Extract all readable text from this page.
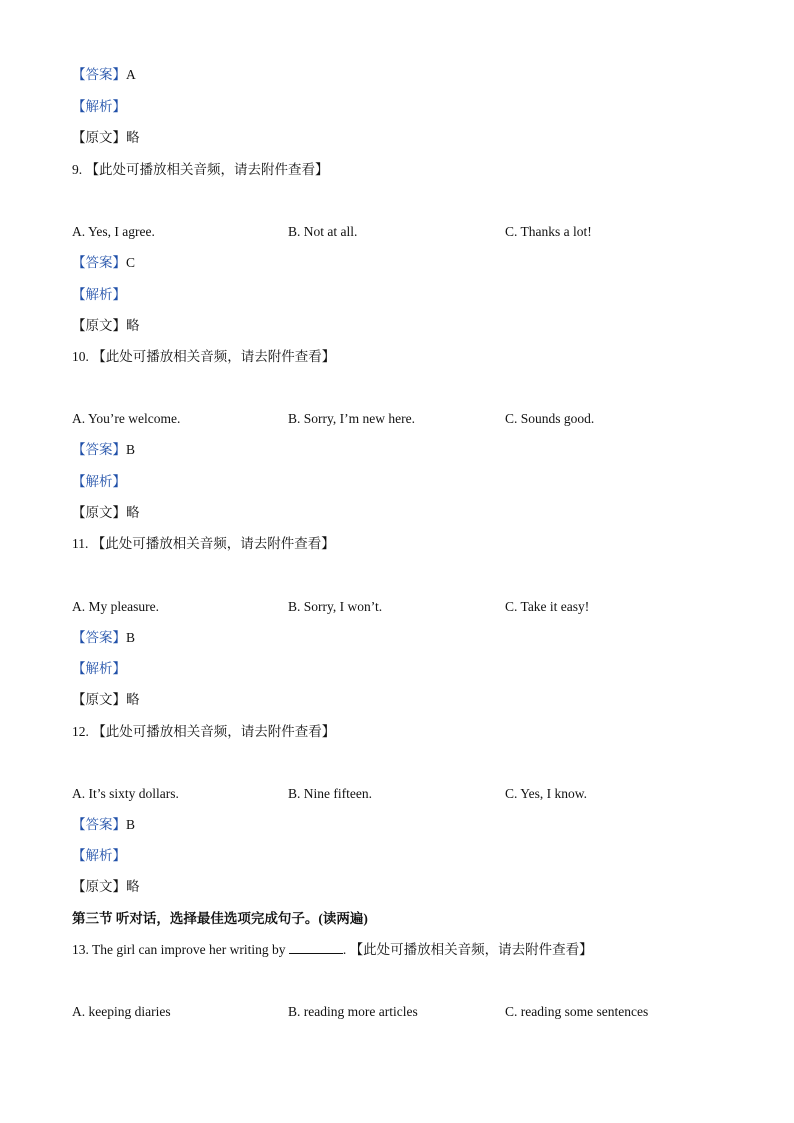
【答案】A
【解析】
【原文】略
9. 【此处可播放相关音频，请去附件查看】
A. Yes, I agree.	B. Not at all.	C. Thanks a lot!
【答案】C
【解析】
【原文】略
10. 【此处可播放相关音频，请去附件查看】
A. You’re welcome.	B. Sorry, I’m new here.	C. Sounds good.
【答案】B
【解析】
【原文】略
11. 【此处可播放相关音频，请去附件查看】
A. My pleasure.	B. Sorry, I won’t.	C. Take it easy!
【答案】B
【解析】
【原文】略
12. 【此处可播放相关音频，请去附件查看】
A. It’s sixty dollars.	B. Nine fifteen.	C. Yes, I know.
【答案】B
【解析】
【原文】略
第三节 听对话，选择最佳选项完成句子。(读两遍)
13. The girl can improve her writing by	. 【此处可播放相关音频，请去附件查看】
A. keeping diaries	B. reading more articles	C. reading some sentences
